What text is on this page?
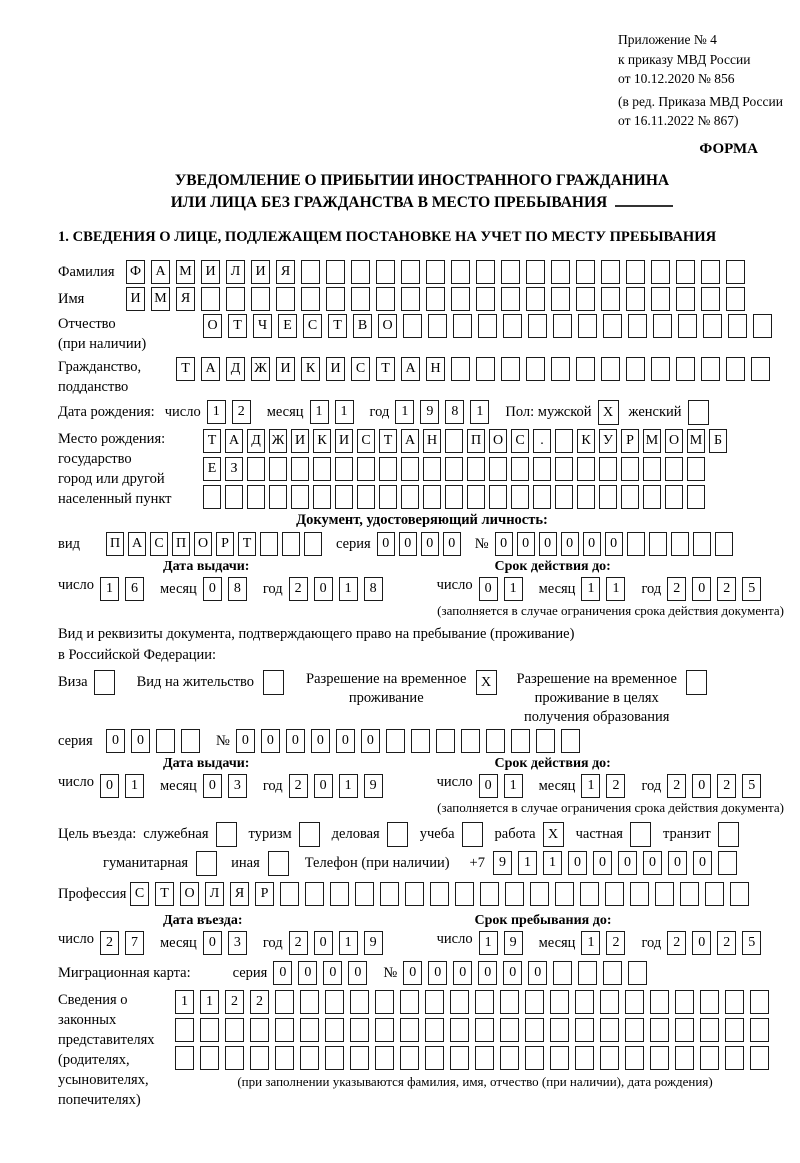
Приложение № 4
к приказу МВД России
от 10.12.2020 № 856
(в ред. Приказа МВД России
от 16.11.2022 № 867)
ФОРМА
УВЕДОМЛЕНИЕ О ПРИБЫТИИ ИНОСТРАННОГО ГРАЖДАНИНА
ИЛИ ЛИЦА БЕЗ ГРАЖДАНСТВА В МЕСТО ПРЕБЫВАНИЯ
1. СВЕДЕНИЯ О ЛИЦЕ, ПОДЛЕЖАЩЕМ ПОСТАНОВКЕ НА УЧЕТ ПО МЕСТУ ПРЕБЫВАНИЯ
Фамилия	Ф А М И Л И Я
Имя	И М Я
Отчество
(при наличии)
О Т Ч Е С Т В О
Гражданство,
подданство
Т А Д Ж И К И С Т А Н
Дата рождения: число 1 2	месяц 1 1	год 1 9 8 1	Пол: мужской X	женский
Место рождения:
государство
город или другой
населенный пункт
Т А Д Ж И К И С Т А Н П О С .	К У Р М О М Б
Е З
Документ, удостоверяющий личность:
вид	П А С П О Р Т	серия 0 0 0 0	№ 0 0 0 0 0 0
Дата выдачи:	Срок действия до:
число 1 6	месяц 0 8	год 2 0 1 8	число 0 1	месяц 1 1	год 2 0 2 5
(заполняется в случае ограничения срока действия документа)
Вид и реквизиты документа, подтверждающего право на пребывание (проживание)
в Российской Федерации:
Виза	Вид на жительство	Разрешение на временное
проживание
X	Разрешение на временное
проживание в целях
получения образования
серия	0 0	№ 0 0 0 0 0 0
Дата выдачи:	Срок действия до:
число 0 1	месяц 0 3	год 2 0 1 9	число 0 1	месяц 1 2	год 2 0 2 5
(заполняется в случае ограничения срока действия документа)
Цель въезда: служебная	туризм	деловая	учеба	работа X	частная	транзит
гуманитарная	иная	Телефон (при наличии) +7	9 1 1 0 0 0 0 0 0
Профессия С Т О Л Я Р
Дата въезда:	Срок пребывания до:
число 2 7	месяц 0 3	год 2 0 1 9	число 1 9	месяц 1 2	год 2 0 2 5
Миграционная карта:	серия 0 0 0 0	№ 0 0 0 0 0 0
Сведения о
законных
представителях
(родителях,
усыновителях,
попечителях)
1 1 2 2
(при заполнении указываются фамилия, имя, отчество (при наличии), дата рождения)
